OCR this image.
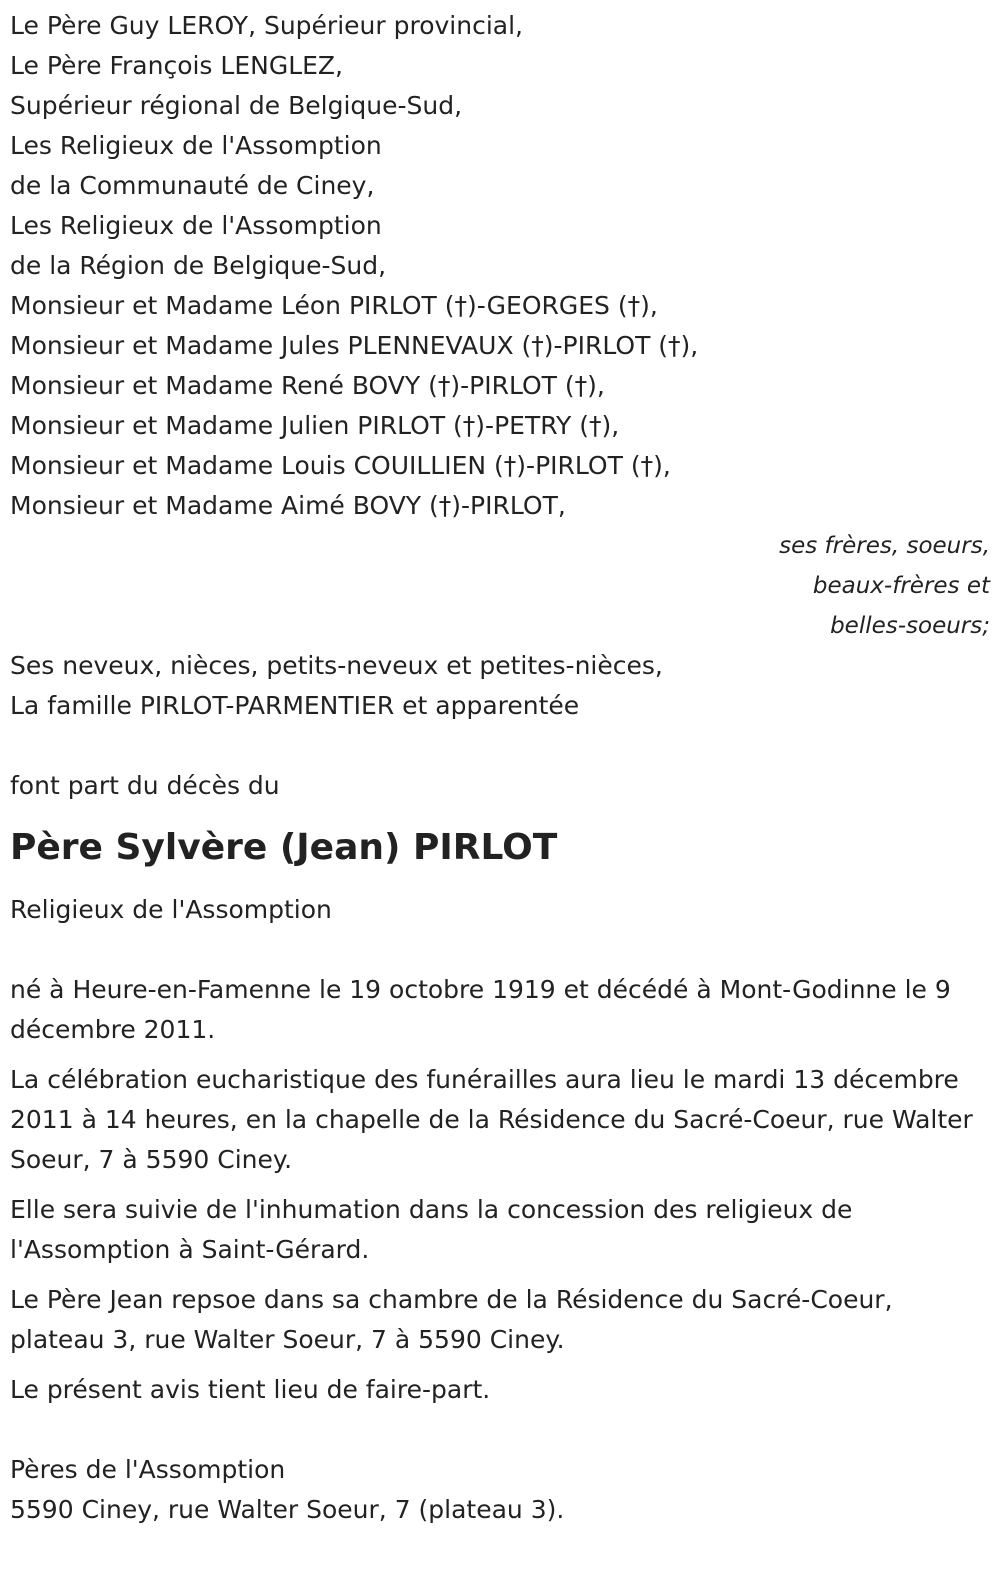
Le Père Guy LEROY, Supérieur provincial,
Le Père François LENGLEZ,
Supérieur régional de Belgique-Sud,
Les Religieux de l'Assomption
de la Communauté de Ciney,
Les Religieux de l'Assomption
de la Région de Belgique-Sud,
Monsieur et Madame Léon PIRLOT (†)-GEORGES (†),
Monsieur et Madame Jules PLENNEVAUX (†)-PIRLOT (†),
Monsieur et Madame René BOVY (†)-PIRLOT (†),
Monsieur et Madame Julien PIRLOT (†)-PETRY (†),
Monsieur et Madame Louis COUILLIEN (†)-PIRLOT (†),
Monsieur et Madame Aimé BOVY (†)-PIRLOT,
ses frères, soeurs,
beaux-frères et
belles-soeurs;
Ses neveux, nièces, petits-neveux et petites-nièces,
La famille PIRLOT-PARMENTIER et apparentée
font part du décès du
Père Sylvère (Jean) PIRLOT
Religieux de l'Assomption

né à Heure-en-Famenne le 19 octobre 1919 et décédé à Mont-Godinne le 9 décembre 2011.

La célébration eucharistique des funérailles aura lieu le mardi 13 décembre 2011 à 14 heures, en la chapelle de la Résidence du Sacré-Coeur, rue Walter Soeur, 7 à 5590 Ciney.

Elle sera suivie de l'inhumation dans la concession des religieux de l'Assomption à Saint-Gérard.

Le Père Jean repsoe dans sa chambre de la Résidence du Sacré-Coeur, plateau 3, rue Walter Soeur, 7 à 5590 Ciney.

Le présent avis tient lieu de faire-part.

Pères de l'Assomption
5590 Ciney, rue Walter Soeur, 7 (plateau 3).
